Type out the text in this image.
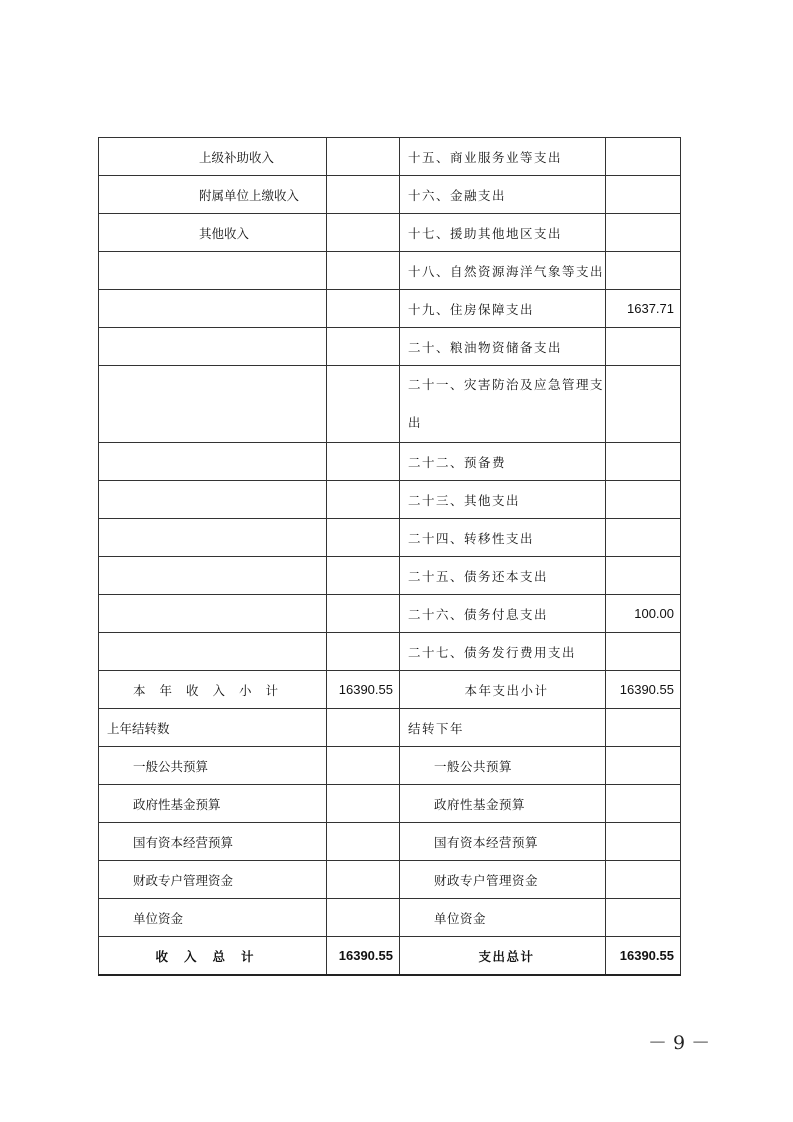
上级补助收入		十五、商业服务业等支出	
附属单位上缴收入		十六、金融支出	
其他收入		十七、援助其他地区支出	
		十八、自然资源海洋气象等支出	
		十九、住房保障支出	1637.71
		二十、粮油物资储备支出	
		二十一、灾害防治及应急管理支出	
		二十二、预备费	
		二十三、其他支出	
		二十四、转移性支出	
		二十五、债务还本支出	
		二十六、债务付息支出	100.00
		二十七、债务发行费用支出	
本年收入小计	16390.55	本年支出小计	16390.55
上年结转数		结转下年	
一般公共预算		一般公共预算	
政府性基金预算		政府性基金预算	
国有资本经营预算		国有资本经营预算	
财政专户管理资金		财政专户管理资金	
单位资金		单位资金	
收入总计	16390.55	支出总计	16390.55
－ 9 －
